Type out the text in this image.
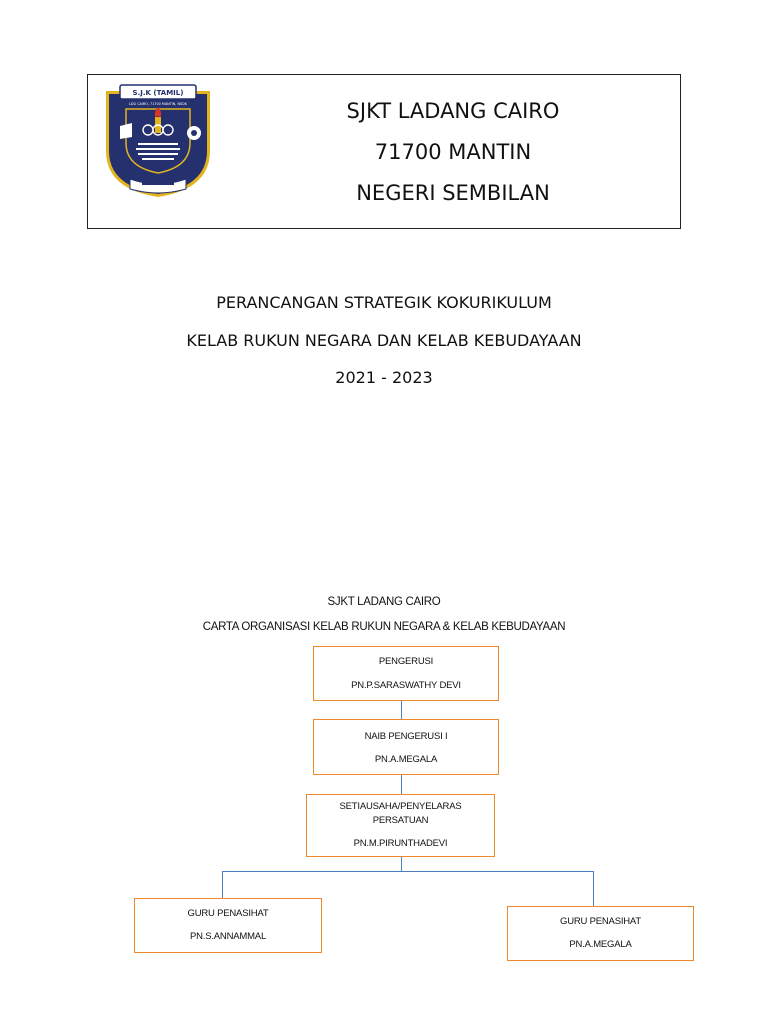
S.J.K (TAMIL)
LDG CAIRO, 71700 MANTIN, NSDK	SJKT LADANG CAIRO
71700 MANTIN
NEGERI SEMBILAN
PERANCANGAN STRATEGIK KOKURIKULUM
KELAB RUKUN NEGARA DAN KELAB KEBUDAYAAN
2021 - 2023
SJKT LADANG CAIRO
CARTA ORGANISASI KELAB RUKUN NEGARA & KELAB KEBUDAYAAN
PENGERUSI
PN.P.SARASWATHY DEVI
NAIB PENGERUSI I
PN.A.MEGALA
SETIAUSAHA/PENYELARAS
PERSATUAN
PN.M.PIRUNTHADEVI
GURU PENASIHAT
PN.S.ANNAMMAL
GURU PENASIHAT
PN.A.MEGALA
